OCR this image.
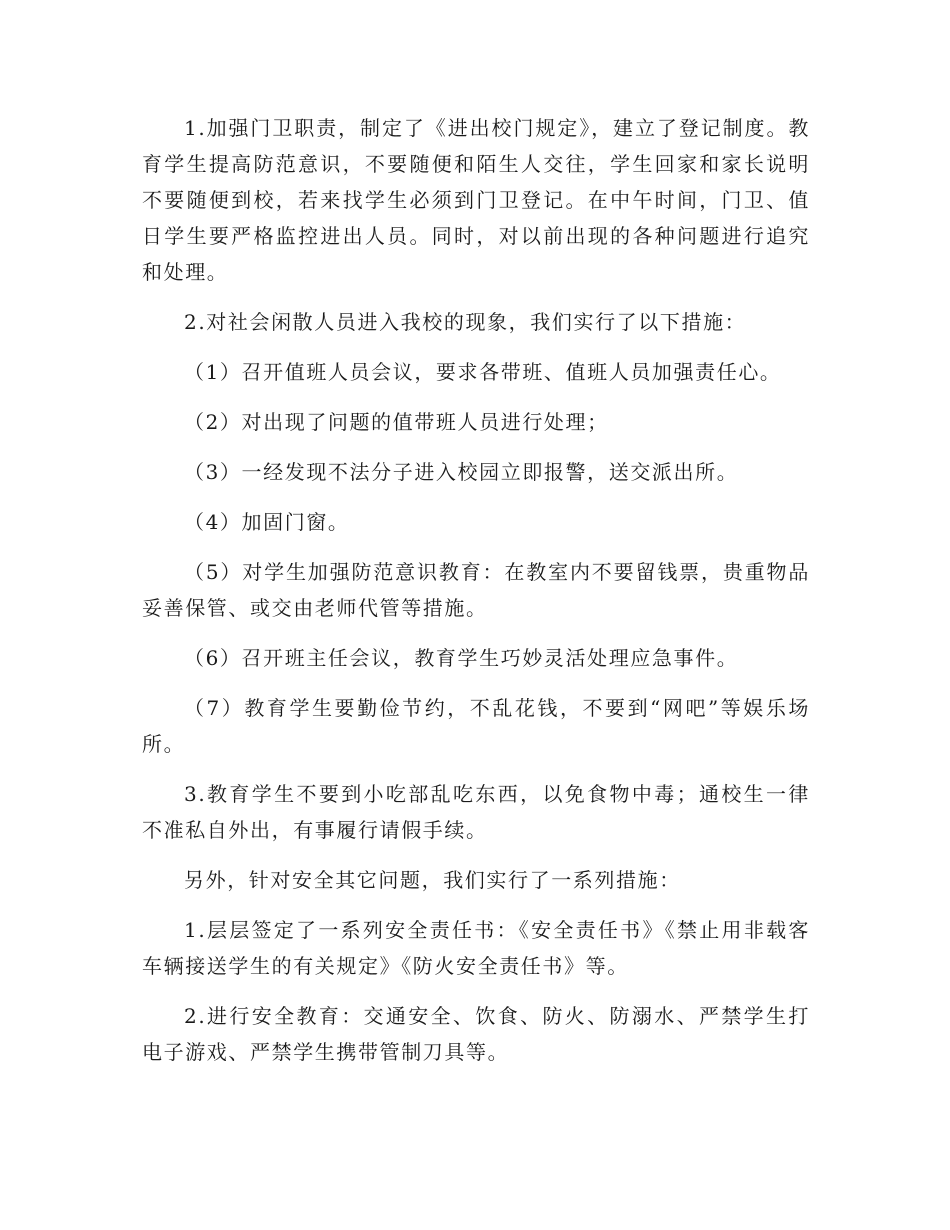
1.加强门卫职责，制定了《进出校门规定》，建立了登记制度。教育学生提高防范意识，不要随便和陌生人交往，学生回家和家长说明不要随便到校，若来找学生必须到门卫登记。在中午时间，门卫、值日学生要严格监控进出人员。同时，对以前出现的各种问题进行追究和处理。

2.对社会闲散人员进入我校的现象，我们实行了以下措施：

（1）召开值班人员会议，要求各带班、值班人员加强责任心。

（2）对出现了问题的值带班人员进行处理；

（3）一经发现不法分子进入校园立即报警，送交派出所。

（4）加固门窗。

（5）对学生加强防范意识教育：在教室内不要留钱票，贵重物品妥善保管、或交由老师代管等措施。

（6）召开班主任会议，教育学生巧妙灵活处理应急事件。

（7）教育学生要勤俭节约，不乱花钱，不要到“网吧”等娱乐场所。

3.教育学生不要到小吃部乱吃东西，以免食物中毒；通校生一律不准私自外出，有事履行请假手续。

另外，针对安全其它问题，我们实行了一系列措施：

1.层层签定了一系列安全责任书：《安全责任书》《禁止用非载客车辆接送学生的有关规定》《防火安全责任书》等。

2.进行安全教育：交通安全、饮食、防火、防溺水、严禁学生打电子游戏、严禁学生携带管制刀具等。
